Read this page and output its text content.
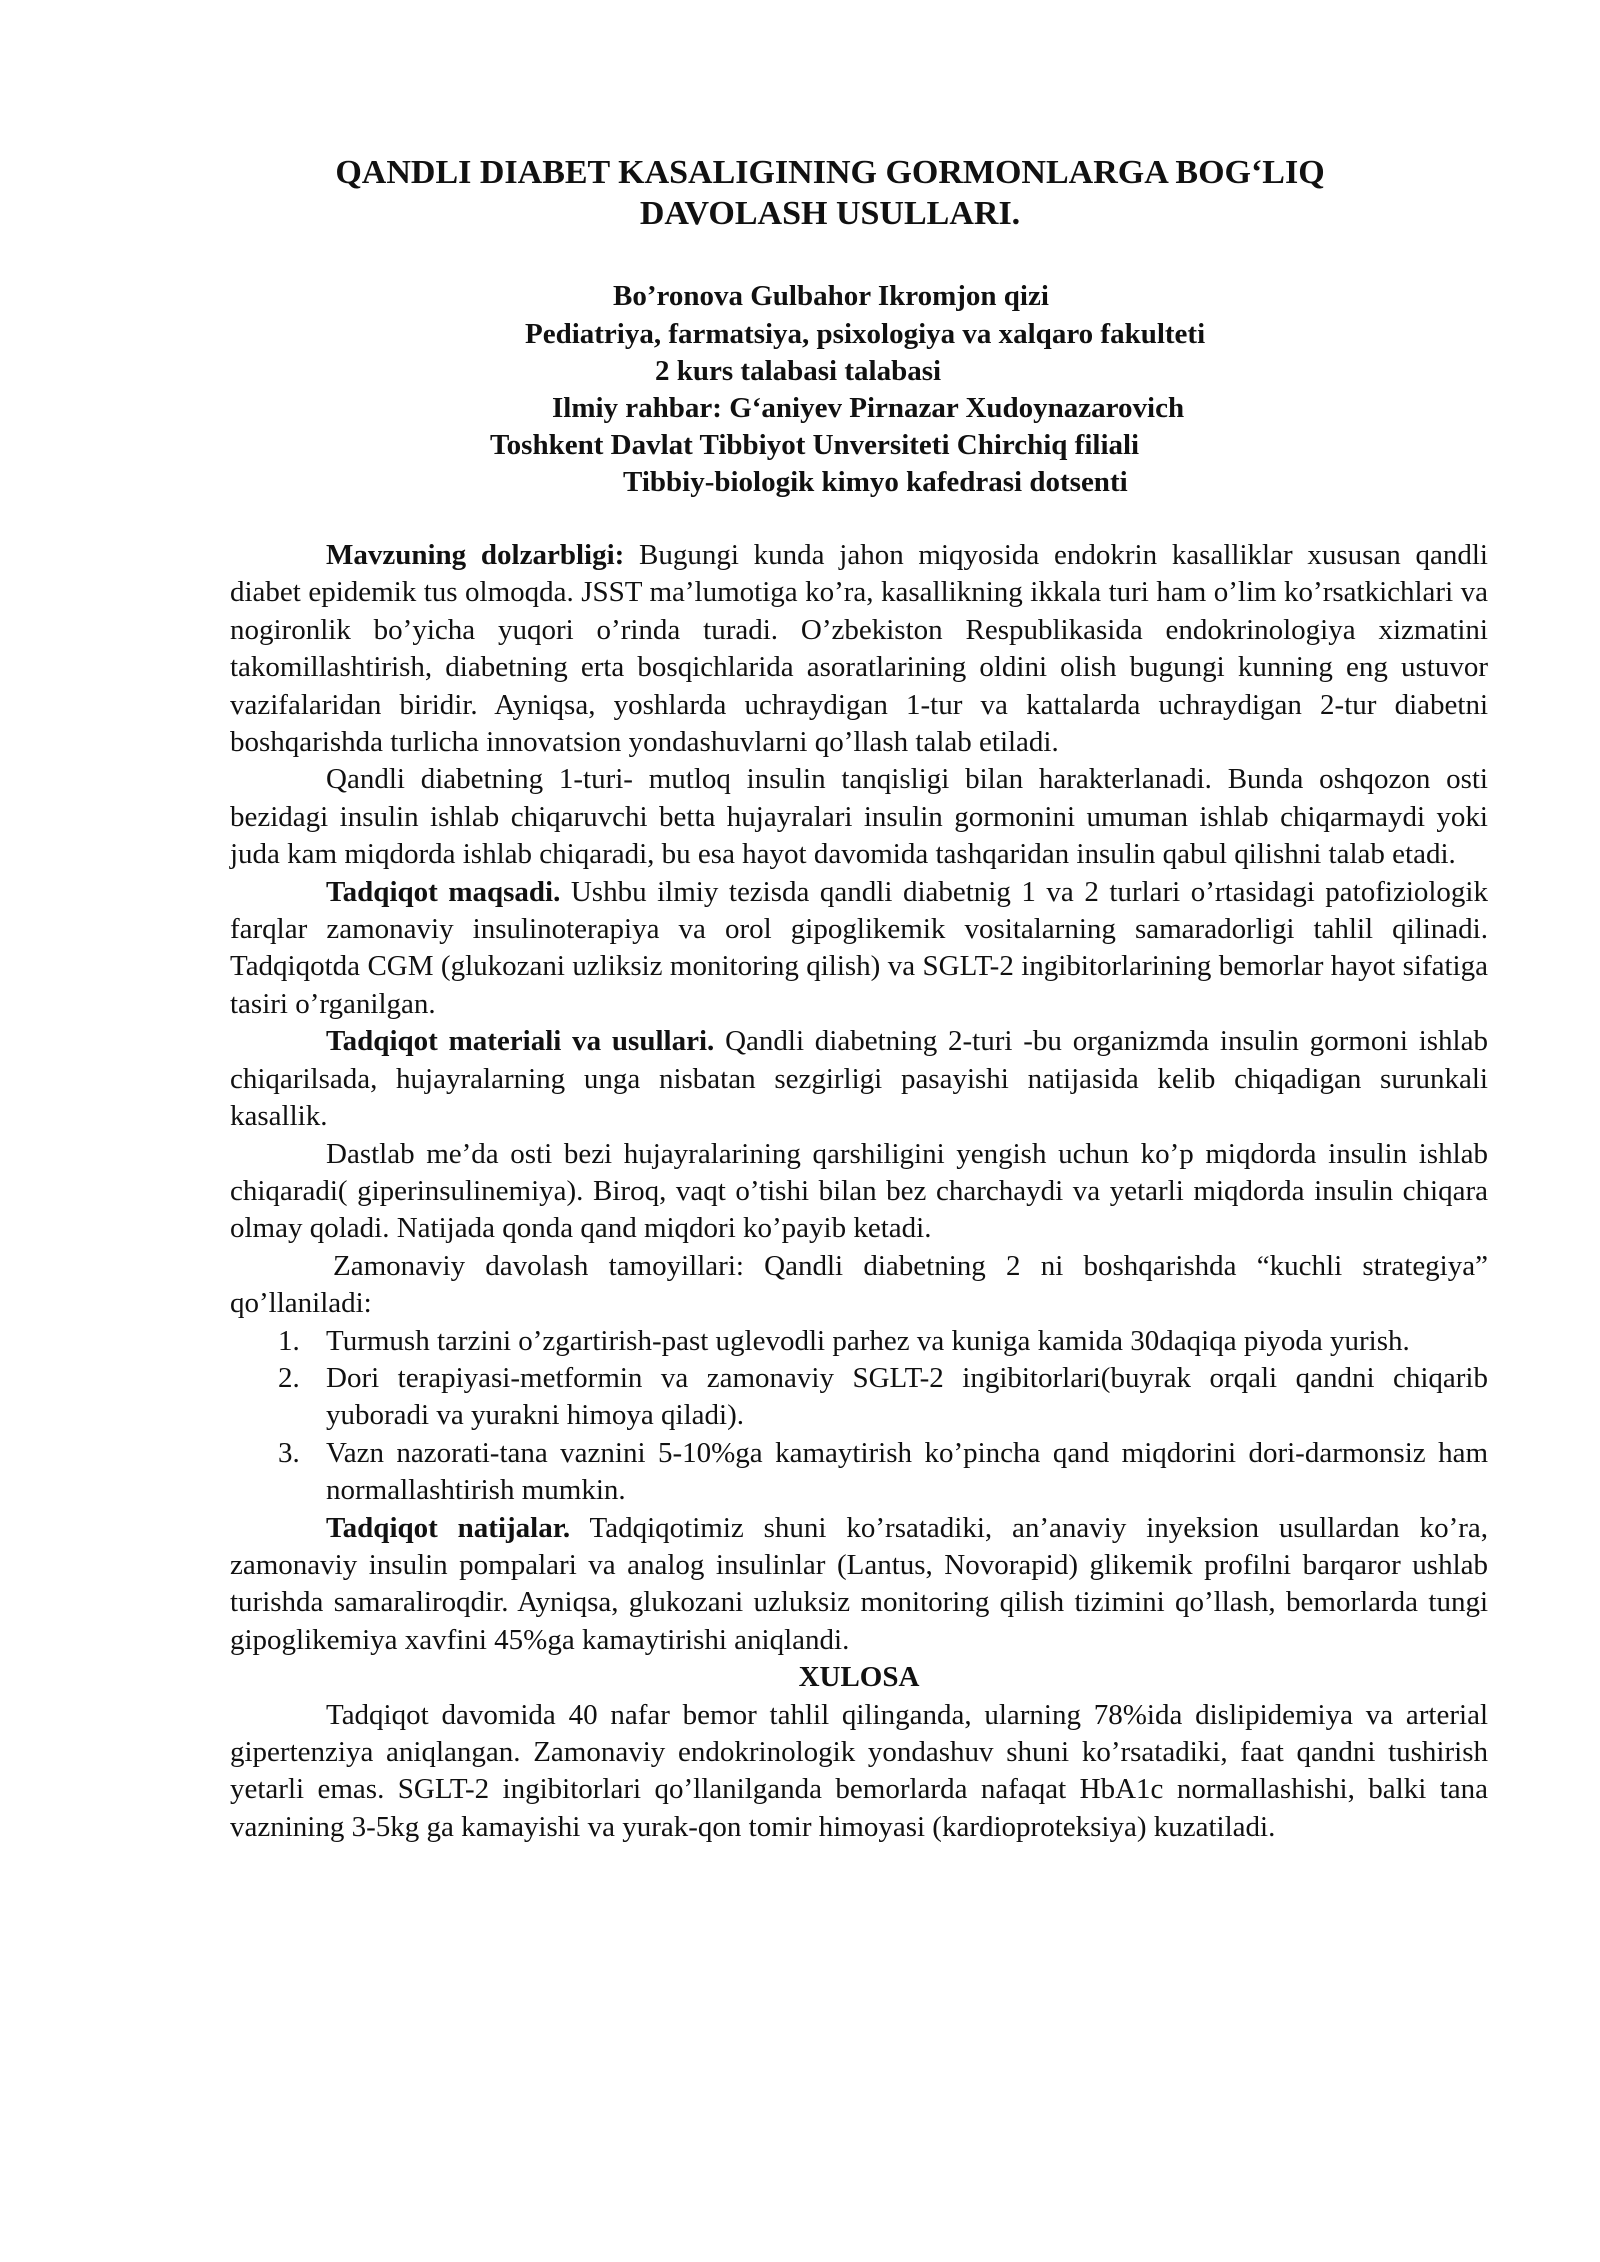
QANDLI DIABET KASALIGINING GORMONLARGA BOG‘LIQ
DAVOLASH USULLARI.
Bo’ronova Gulbahor Ikromjon qizi
Pediatriya, farmatsiya, psixologiya va xalqaro fakulteti
2 kurs talabasi talabasi
Ilmiy rahbar: G‘aniyev Pirnazar Xudoynazarovich
Toshkent Davlat Tibbiyot Unversiteti Chirchiq filiali
Tibbiy-biologik kimyo kafedrasi dotsenti

Mavzuning dolzarbligi: Bugungi kunda jahon miqyosida endokrin kasalliklar xususan qandli diabet epidemik tus olmoqda. JSST ma’lumotiga ko’ra, kasallikning ikkala turi ham o’lim ko’rsatkichlari va nogironlik bo’yicha yuqori o’rinda turadi. O’zbekiston Respublikasida endokrinologiya xizmatini takomillashtirish, diabetning erta bosqichlarida asoratlarining oldini olish bugungi kunning eng ustuvor vazifalaridan biridir. Ayniqsa, yoshlarda uchraydigan 1-tur va kattalarda uchraydigan 2-tur diabetni boshqarishda turlicha innovatsion yondashuvlarni qo’llash talab etiladi.

Qandli diabetning 1-turi- mutloq insulin tanqisligi bilan harakterlanadi. Bunda oshqozon osti bezidagi insulin ishlab chiqaruvchi betta hujayralari insulin gormonini umuman ishlab chiqarmaydi yoki juda kam miqdorda ishlab chiqaradi, bu esa hayot davomida tashqaridan insulin qabul qilishni talab etadi.

Tadqiqot maqsadi. Ushbu ilmiy tezisda qandli diabetnig 1 va 2 turlari o’rtasidagi patofiziologik farqlar zamonaviy insulinoterapiya va orol gipoglikemik vositalarning samaradorligi tahlil qilinadi. Tadqiqotda CGM (glukozani uzliksiz monitoring qilish) va SGLT-2 ingibitorlarining bemorlar hayot sifatiga tasiri o’rganilgan.

Tadqiqot materiali va usullari. Qandli diabetning 2-turi -bu organizmda insulin gormoni ishlab chiqarilsada, hujayralarning unga nisbatan sezgirligi pasayishi natijasida kelib chiqadigan surunkali kasallik.

Dastlab me’da osti bezi hujayralarining qarshiligini yengish uchun ko’p miqdorda insulin ishlab chiqaradi( giperinsulinemiya). Biroq, vaqt o’tishi bilan bez charchaydi va yetarli miqdorda insulin chiqara olmay qoladi. Natijada qonda qand miqdori ko’payib ketadi.

Zamonaviy davolash tamoyillari: Qandli diabetning 2 ni boshqarishda “kuchli strategiya” qo’llaniladi:

1. Turmush tarzini o’zgartirish-past uglevodli parhez va kuniga kamida 30daqiqa piyoda yurish.
2. Dori terapiyasi-metformin va zamonaviy SGLT-2 ingibitorlari(buyrak orqali qandni chiqarib yuboradi va yurakni himoya qiladi).
3. Vazn nazorati-tana vaznini 5-10%ga kamaytirish ko’pincha qand miqdorini dori-darmonsiz ham normallashtirish mumkin.

Tadqiqot natijalar. Tadqiqotimiz shuni ko’rsatadiki, an’anaviy inyeksion usullardan ko’ra, zamonaviy insulin pompalari va analog insulinlar (Lantus, Novorapid) glikemik profilni barqaror ushlab turishda samaraliroqdir. Ayniqsa, glukozani uzluksiz monitoring qilish tizimini qo’llash, bemorlarda tungi gipoglikemiya xavfini 45%ga kamaytirishi aniqlandi.

XULOSA

Tadqiqot davomida 40 nafar bemor tahlil qilinganda, ularning 78%ida dislipidemiya va arterial gipertenziya aniqlangan. Zamonaviy endokrinologik yondashuv shuni ko’rsatadiki, faat qandni tushirish yetarli emas. SGLT-2 ingibitorlari qo’llanilganda bemorlarda nafaqat HbA1c normallashishi, balki tana vaznining 3-5kg ga kamayishi va yurak-qon tomir himoyasi (kardioproteksiya) kuzatiladi.
